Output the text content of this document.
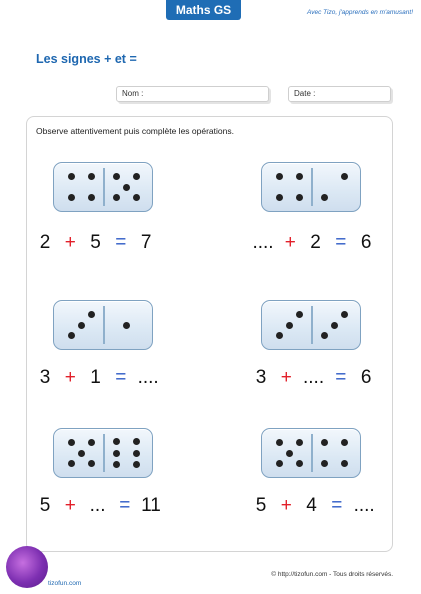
Maths GS	Avec Tizo, j'apprends en m'amusant!
Les signes + et =
Nom :	Date :
Observe attentivement puis complète les opérations.
2 + 5 = 7	.... + 2 = 6
3 + 1 = ....	3 + .... = 6
5 + ... = 11	5 + 4 = ....
tizofun.com
© http://tizofun.com - Tous droits réservés.
